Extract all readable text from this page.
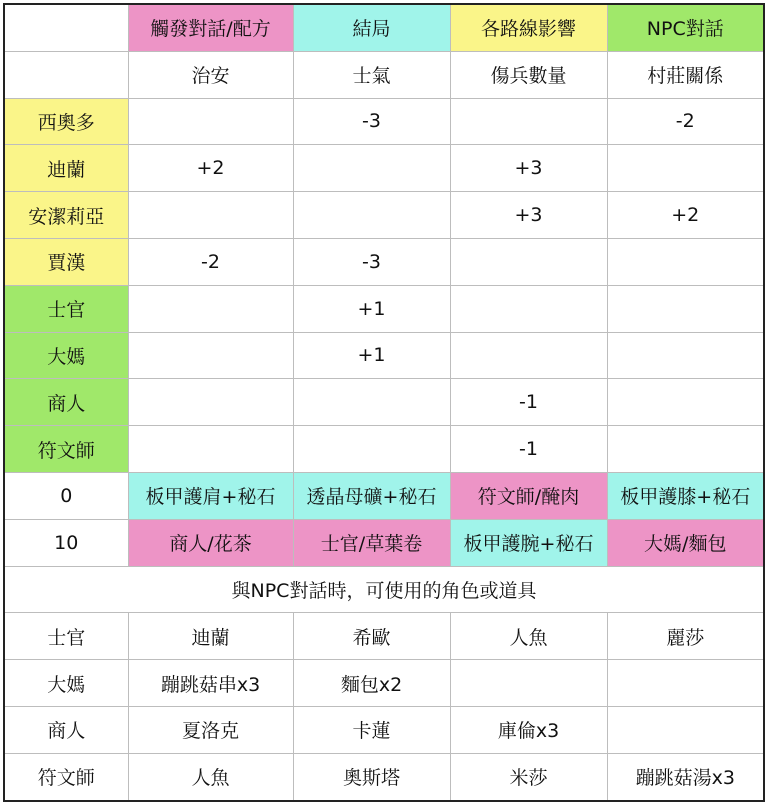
	觸發對話/配方	結局	各路線影響	NPC對話
	治安	士氣	傷兵數量	村莊關係
西奧多		-3		-2
迪蘭	+2		+3	
安潔莉亞			+3	+2
賈漢	-2	-3		
士官		+1		
大媽		+1		
商人			-1	
符文師			-1	
0	板甲護肩+秘石	透晶母礦+秘石	符文師/醃肉	板甲護膝+秘石
10	商人/花茶	士官/草葉卷	板甲護腕+秘石	大媽/麵包
與NPC對話時，可使用的角色或道具				
士官	迪蘭	希歐	人魚	麗莎
大媽	蹦跳菇串x3	麵包x2		
商人	夏洛克	卡蓮	庫倫x3	
符文師	人魚	奧斯塔	米莎	蹦跳菇湯x3
